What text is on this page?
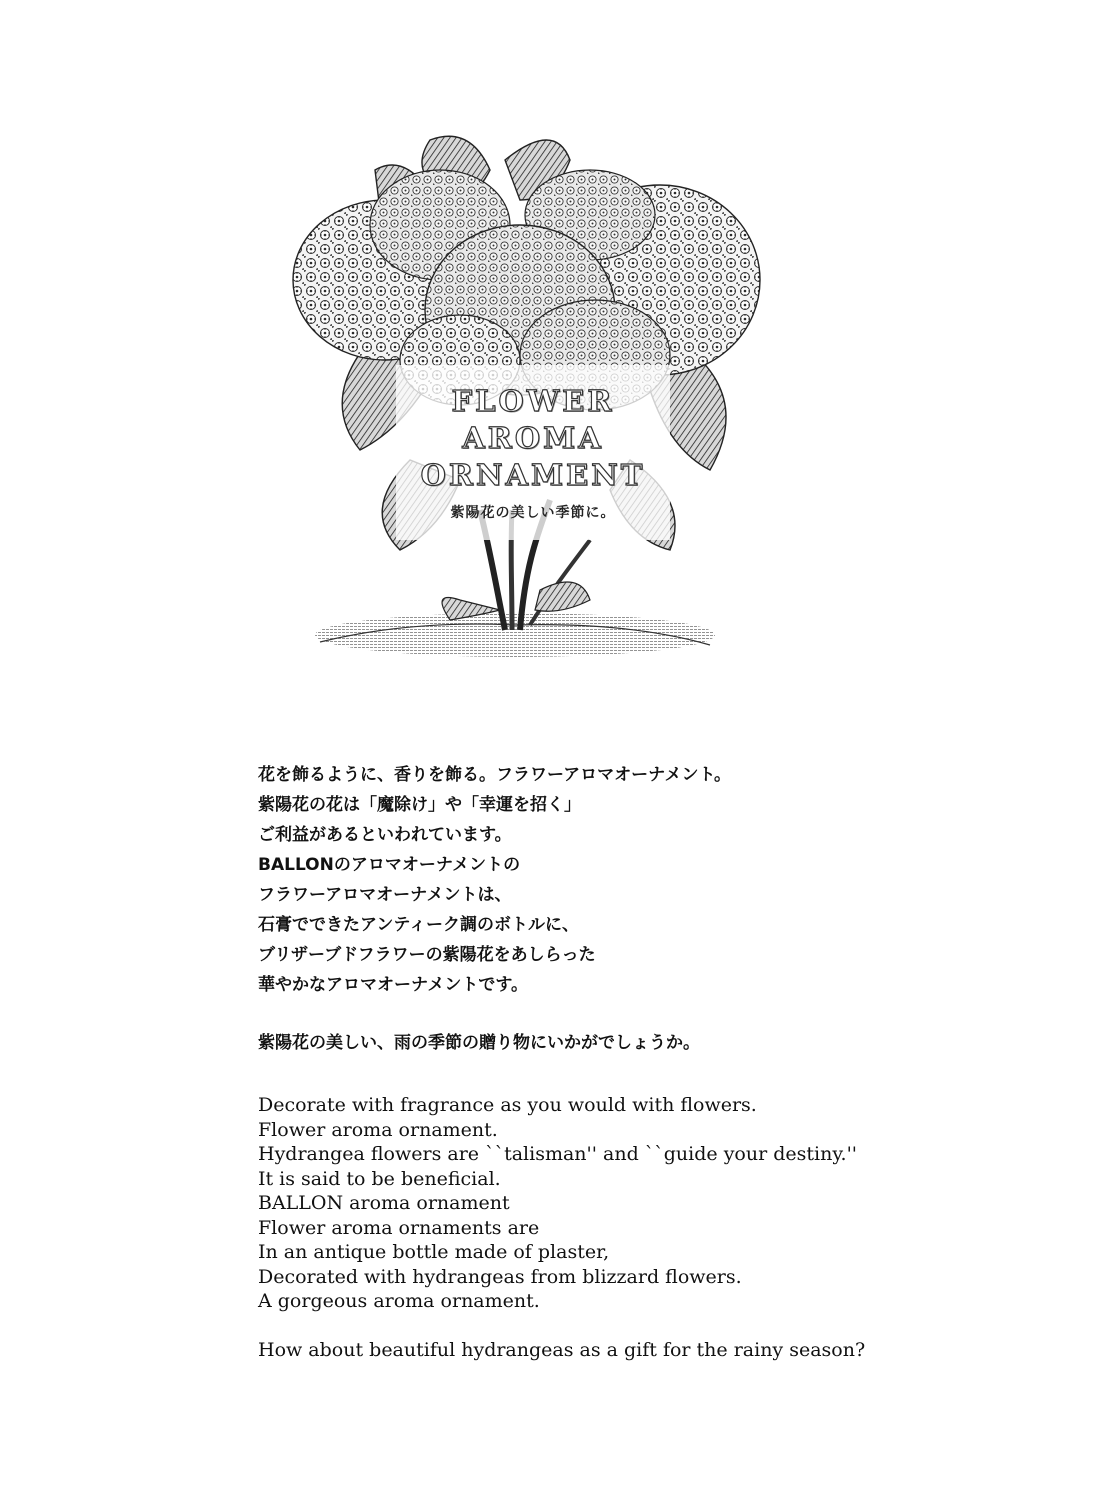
FLOWER
AROMA
ORNAMENT
紫陽花の美しい季節に。
花を飾るように、香りを飾る。フラワーアロマオーナメント。
紫陽花の花は「魔除け」や「幸運を招く」
ご利益があるといわれています。
BALLONのアロマオーナメントの
フラワーアロマオーナメントは、
石膏でできたアンティーク調のボトルに、
ブリザーブドフラワーの紫陽花をあしらった
華やかなアロマオーナメントです。
紫陽花の美しい、雨の季節の贈り物にいかがでしょうか。
Decorate with fragrance as you would with flowers.
Flower aroma ornament.
Hydrangea flowers are ``talisman'' and ``guide your destiny.''
It is said to be beneficial.
BALLON aroma ornament
Flower aroma ornaments are
In an antique bottle made of plaster,
Decorated with hydrangeas from blizzard flowers.
A gorgeous aroma ornament.
How about beautiful hydrangeas as a gift for the rainy season?
